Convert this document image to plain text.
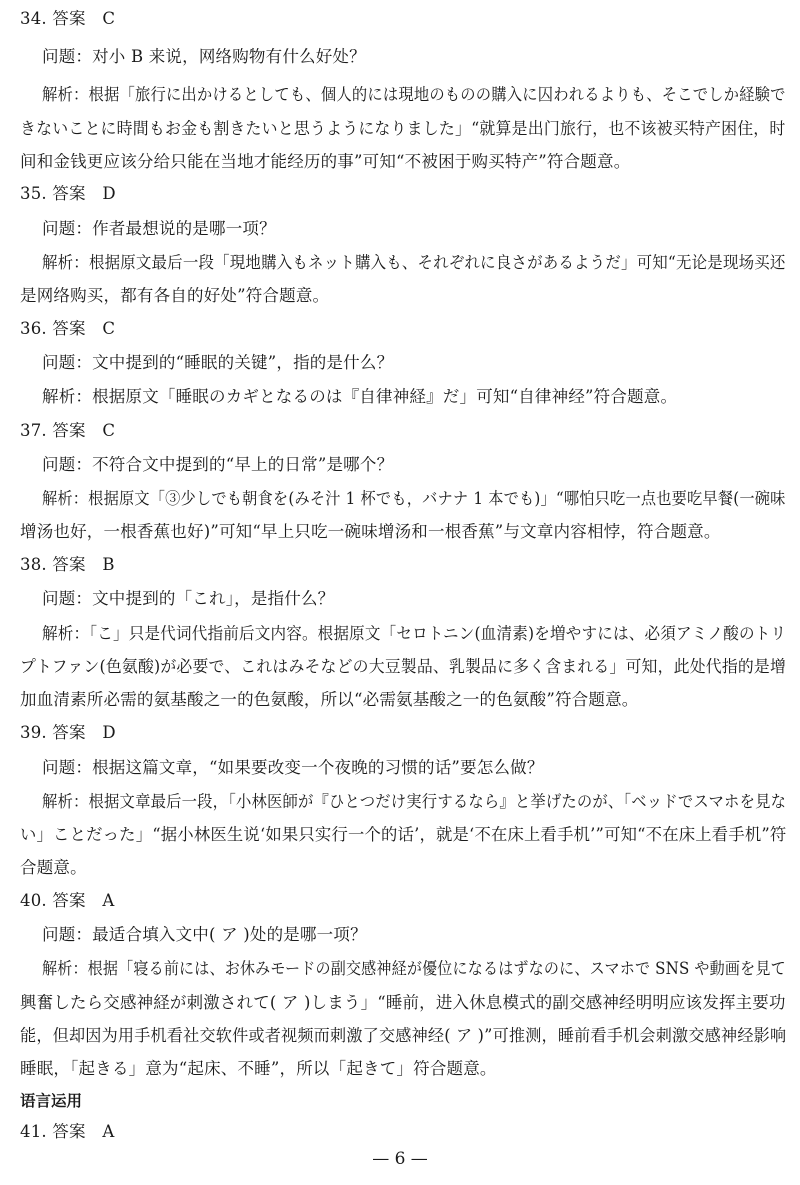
34. 答案　C
问题：对小 B 来说，网络购物有什么好处？
解析：根据「旅行に出かけるとしても、個人的には現地のものの購入に囚われるよりも、そこでしか経験で
きないことに時間もお金も割きたいと思うようになりました」“就算是出门旅行，也不该被买特产困住，时
间和金钱更应该分给只能在当地才能经历的事”可知“不被困于购买特产”符合题意。
35. 答案　D
问题：作者最想说的是哪一项？
解析：根据原文最后一段「現地購入もネット購入も、それぞれに良さがあるようだ」可知“无论是现场买还
是网络购买，都有各自的好处”符合题意。
36. 答案　C
问题：文中提到的“睡眠的关键”，指的是什么？
解析：根据原文「睡眠のカギとなるのは『自律神経』だ」可知“自律神经”符合题意。
37. 答案　C
问题：不符合文中提到的“早上的日常”是哪个？
解析：根据原文「③少しでも朝食を(みそ汁 1 杯でも，バナナ 1 本でも)」“哪怕只吃一点也要吃早餐(一碗味
增汤也好，一根香蕉也好)”可知“早上只吃一碗味增汤和一根香蕉”与文章内容相悖，符合题意。
38. 答案　B
问题：文中提到的「これ」，是指什么？
解析：「こ」只是代词代指前后文内容。根据原文「セロトニン(血清素)を増やすには、必須アミノ酸のトリ
プトファン(色氨酸)が必要で、これはみそなどの大豆製品、乳製品に多く含まれる」可知，此处代指的是增
加血清素所必需的氨基酸之一的色氨酸，所以“必需氨基酸之一的色氨酸”符合题意。
39. 答案　D
问题：根据这篇文章，“如果要改变一个夜晚的习惯的话”要怎么做？
解析：根据文章最后一段，「小林医師が『ひとつだけ実行するなら』と挙げたのが、「ベッドでスマホを見な
い」ことだった」“据小林医生说‘如果只实行一个的话’，就是‘不在床上看手机’”可知“不在床上看手机”符
合题意。
40. 答案　A
问题：最适合填入文中( ア )处的是哪一项？
解析：根据「寝る前には、お休みモードの副交感神経が優位になるはずなのに、スマホで SNS や動画を見て
興奮したら交感神経が刺激されて( ア )しまう」“睡前，进入休息模式的副交感神经明明应该发挥主要功
能，但却因为用手机看社交软件或者视频而刺激了交感神经( ア )”可推测，睡前看手机会刺激交感神经影响
睡眠，「起きる」意为“起床、不睡”，所以「起きて」符合题意。
语言运用
41. 答案　A
— 6 —
